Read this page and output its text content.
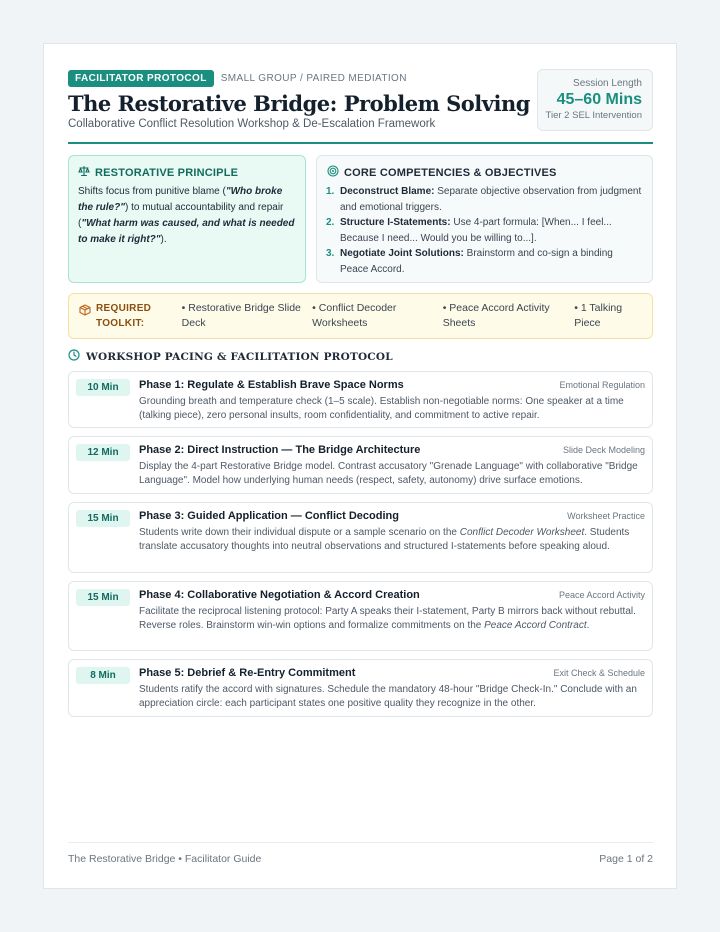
FACILITATOR PROTOCOL	SMALL GROUP / PAIRED MEDIATION
The Restorative Bridge: Problem Solving
Collaborative Conflict Resolution Workshop & De-Escalation Framework
Session Length
45–60 Mins
Tier 2 SEL Intervention
RESTORATIVE PRINCIPLE
Shifts focus from punitive blame ("Who broke the rule?") to mutual accountability and repair ("What harm was caused, and what is needed to make it right?").
CORE COMPETENCIES & OBJECTIVES
1. Deconstruct Blame: Separate objective observation from judgment and emotional triggers.
2. Structure I-Statements: Use 4-part formula: [When... I feel... Because I need... Would you be willing to...].
3. Negotiate Joint Solutions: Brainstorm and co-sign a binding Peace Accord.
REQUIRED TOOLKIT:
• Restorative Bridge Slide Deck
• Conflict Decoder Worksheets
• Peace Accord Activity Sheets
• 1 Talking Piece
WORKSHOP PACING & FACILITATION PROTOCOL
10 Min	Phase 1: Regulate & Establish Brave Space Norms	Emotional Regulation
Grounding breath and temperature check (1–5 scale). Establish non-negotiable norms: One speaker at a time (talking piece), zero personal insults, room confidentiality, and commitment to active repair.
12 Min	Phase 2: Direct Instruction — The Bridge Architecture	Slide Deck Modeling
Display the 4-part Restorative Bridge model. Contrast accusatory "Grenade Language" with collaborative "Bridge Language". Model how underlying human needs (respect, safety, autonomy) drive surface emotions.
15 Min	Phase 3: Guided Application — Conflict Decoding	Worksheet Practice
Students write down their individual dispute or a sample scenario on the Conflict Decoder Worksheet. Students translate accusatory thoughts into neutral observations and structured I-statements before speaking aloud.
15 Min	Phase 4: Collaborative Negotiation & Accord Creation	Peace Accord Activity
Facilitate the reciprocal listening protocol: Party A speaks their I-statement, Party B mirrors back without rebuttal. Reverse roles. Brainstorm win-win options and formalize commitments on the Peace Accord Contract.
8 Min	Phase 5: Debrief & Re-Entry Commitment	Exit Check & Schedule
Students ratify the accord with signatures. Schedule the mandatory 48-hour "Bridge Check-In." Conclude with an appreciation circle: each participant states one positive quality they recognize in the other.
The Restorative Bridge • Facilitator Guide	Page 1 of 2
